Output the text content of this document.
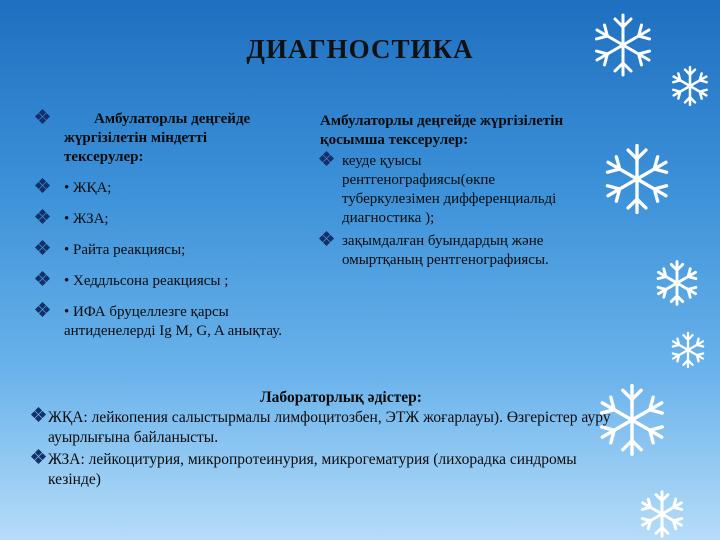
ДИАГНОСТИКА
Амбулаторлы деңгейде жүргізілетін міндетті тексерулер:
• ЖҚА;
• ЖЗА;
• Райта реакциясы;
• Хеддльсона реакциясы ;
• ИФА бруцеллезге қарсы антиденелерді Ig M, G, A анықтау.
Амбулаторлы деңгейде жүргізілетін қосымша тексерулер:
кеуде қуысы рентгенографиясы(өкпе туберкулезімен дифференциальді диагностика );
зақымдалған буындардың және омыртқаның рентгенографиясы.
Лабораторлық әдістер:
ЖҚА: лейкопения салыстырмалы лимфоцитозбен, ЭТЖ жоғарлауы). Өзгерістер ауру ауырлығына байланысты.
ЖЗА: лейкоцитурия, микропротеинурия, микрогематурия (лихорадка синдромы кезінде)
